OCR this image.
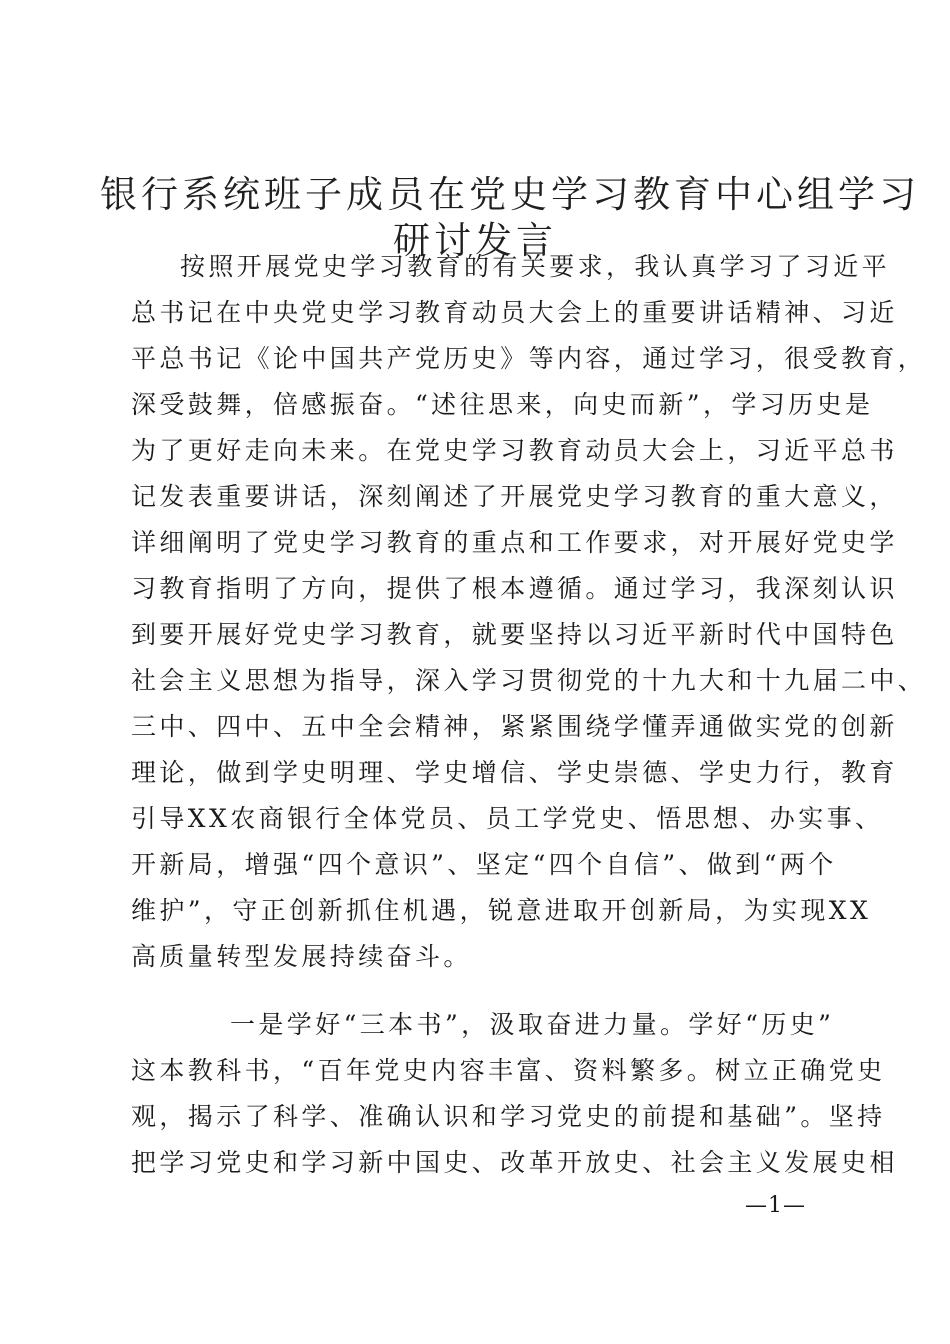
银行系统班子成员在党史学习教育中心组学习
研讨发言
按照开展党史学习教育的有关要求，我认真学习了习近平
总书记在中央党史学习教育动员大会上的重要讲话精神、习近
平总书记《论中国共产党历史》等内容，通过学习，很受教育，
深受鼓舞，倍感振奋。“述往思来，向史而新”，学习历史是
为了更好走向未来。在党史学习教育动员大会上，习近平总书
记发表重要讲话，深刻阐述了开展党史学习教育的重大意义，
详细阐明了党史学习教育的重点和工作要求，对开展好党史学
习教育指明了方向，提供了根本遵循。通过学习，我深刻认识
到要开展好党史学习教育，就要坚持以习近平新时代中国特色
社会主义思想为指导，深入学习贯彻党的十九大和十九届二中、
三中、四中、五中全会精神，紧紧围绕学懂弄通做实党的创新
理论，做到学史明理、学史增信、学史崇德、学史力行，教育
引导XX农商银行全体党员、员工学党史、悟思想、办实事、
开新局，增强“四个意识”、坚定“四个自信”、做到“两个
维护”，守正创新抓住机遇，锐意进取开创新局，为实现XX
高质量转型发展持续奋斗。
一是学好“三本书”，汲取奋进力量。学好“历史”
这本教科书，“百年党史内容丰富、资料繁多。树立正确党史
观，揭示了科学、准确认识和学习党史的前提和基础”。坚持
把学习党史和学习新中国史、改革开放史、社会主义发展史相
—1—
